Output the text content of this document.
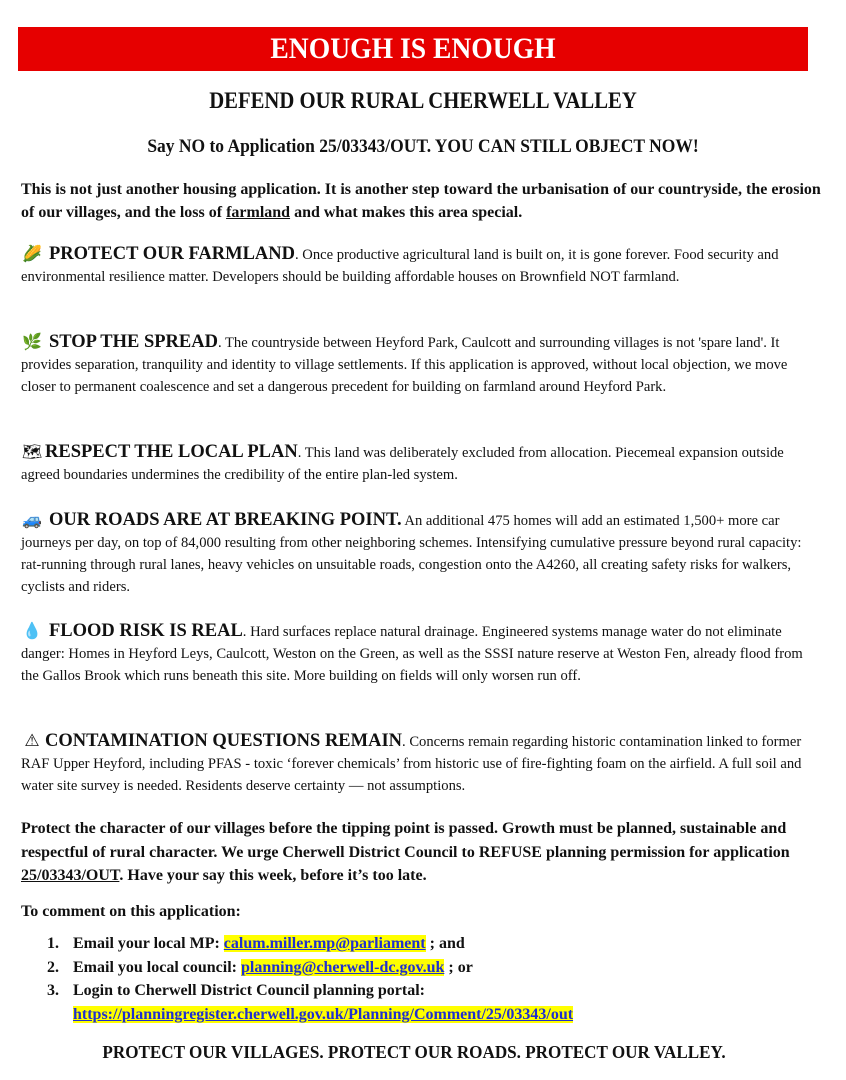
ENOUGH IS ENOUGH
DEFEND OUR RURAL CHERWELL VALLEY
Say NO to Application 25/03343/OUT. YOU CAN STILL OBJECT NOW!
This is not just another housing application. It is another step toward the urbanisation of our countryside, the erosion of our villages, and the loss of farmland and what makes this area special.
🌽 PROTECT OUR FARMLAND. Once productive agricultural land is built on, it is gone forever. Food security and environmental resilience matter. Developers should be building affordable houses on Brownfield NOT farmland.
🌿 STOP THE SPREAD. The countryside between Heyford Park, Caulcott and surrounding villages is not 'spare land'. It provides separation, tranquility and identity to village settlements. If this application is approved, without local objection, we move closer to permanent coalescence and set a dangerous precedent for building on farmland around Heyford Park.
🗺 RESPECT THE LOCAL PLAN. This land was deliberately excluded from allocation. Piecemeal expansion outside agreed boundaries undermines the credibility of the entire plan-led system.
🚙 OUR ROADS ARE AT BREAKING POINT. An additional 475 homes will add an estimated 1,500+ more car journeys per day, on top of 84,000 resulting from other neighboring schemes. Intensifying cumulative pressure beyond rural capacity: rat-running through rural lanes, heavy vehicles on unsuitable roads, congestion onto the A4260, all creating safety risks for walkers, cyclists and riders.
💧 FLOOD RISK IS REAL. Hard surfaces replace natural drainage. Engineered systems manage water do not eliminate danger: Homes in Heyford Leys, Caulcott, Weston on the Green, as well as the SSSI nature reserve at Weston Fen, already flood from the Gallos Brook which runs beneath this site. More building on fields will only worsen run off.
⚠ CONTAMINATION QUESTIONS REMAIN. Concerns remain regarding historic contamination linked to former RAF Upper Heyford, including PFAS - toxic ‘forever chemicals’ from historic use of fire-fighting foam on the airfield. A full soil and water site survey is needed. Residents deserve certainty — not assumptions.
Protect the character of our villages before the tipping point is passed. Growth must be planned, sustainable and respectful of rural character. We urge Cherwell District Council to REFUSE planning permission for application 25/03343/OUT. Have your say this week, before it’s too late.
To comment on this application:
1. Email your local MP: calum.miller.mp@parliament ; and
2. Email you local council: planning@cherwell-dc.gov.uk ; or
3. Login to Cherwell District Council planning portal:
https://planningregister.cherwell.gov.uk/Planning/Comment/25/03343/out
PROTECT OUR VILLAGES. PROTECT OUR ROADS. PROTECT OUR VALLEY.
